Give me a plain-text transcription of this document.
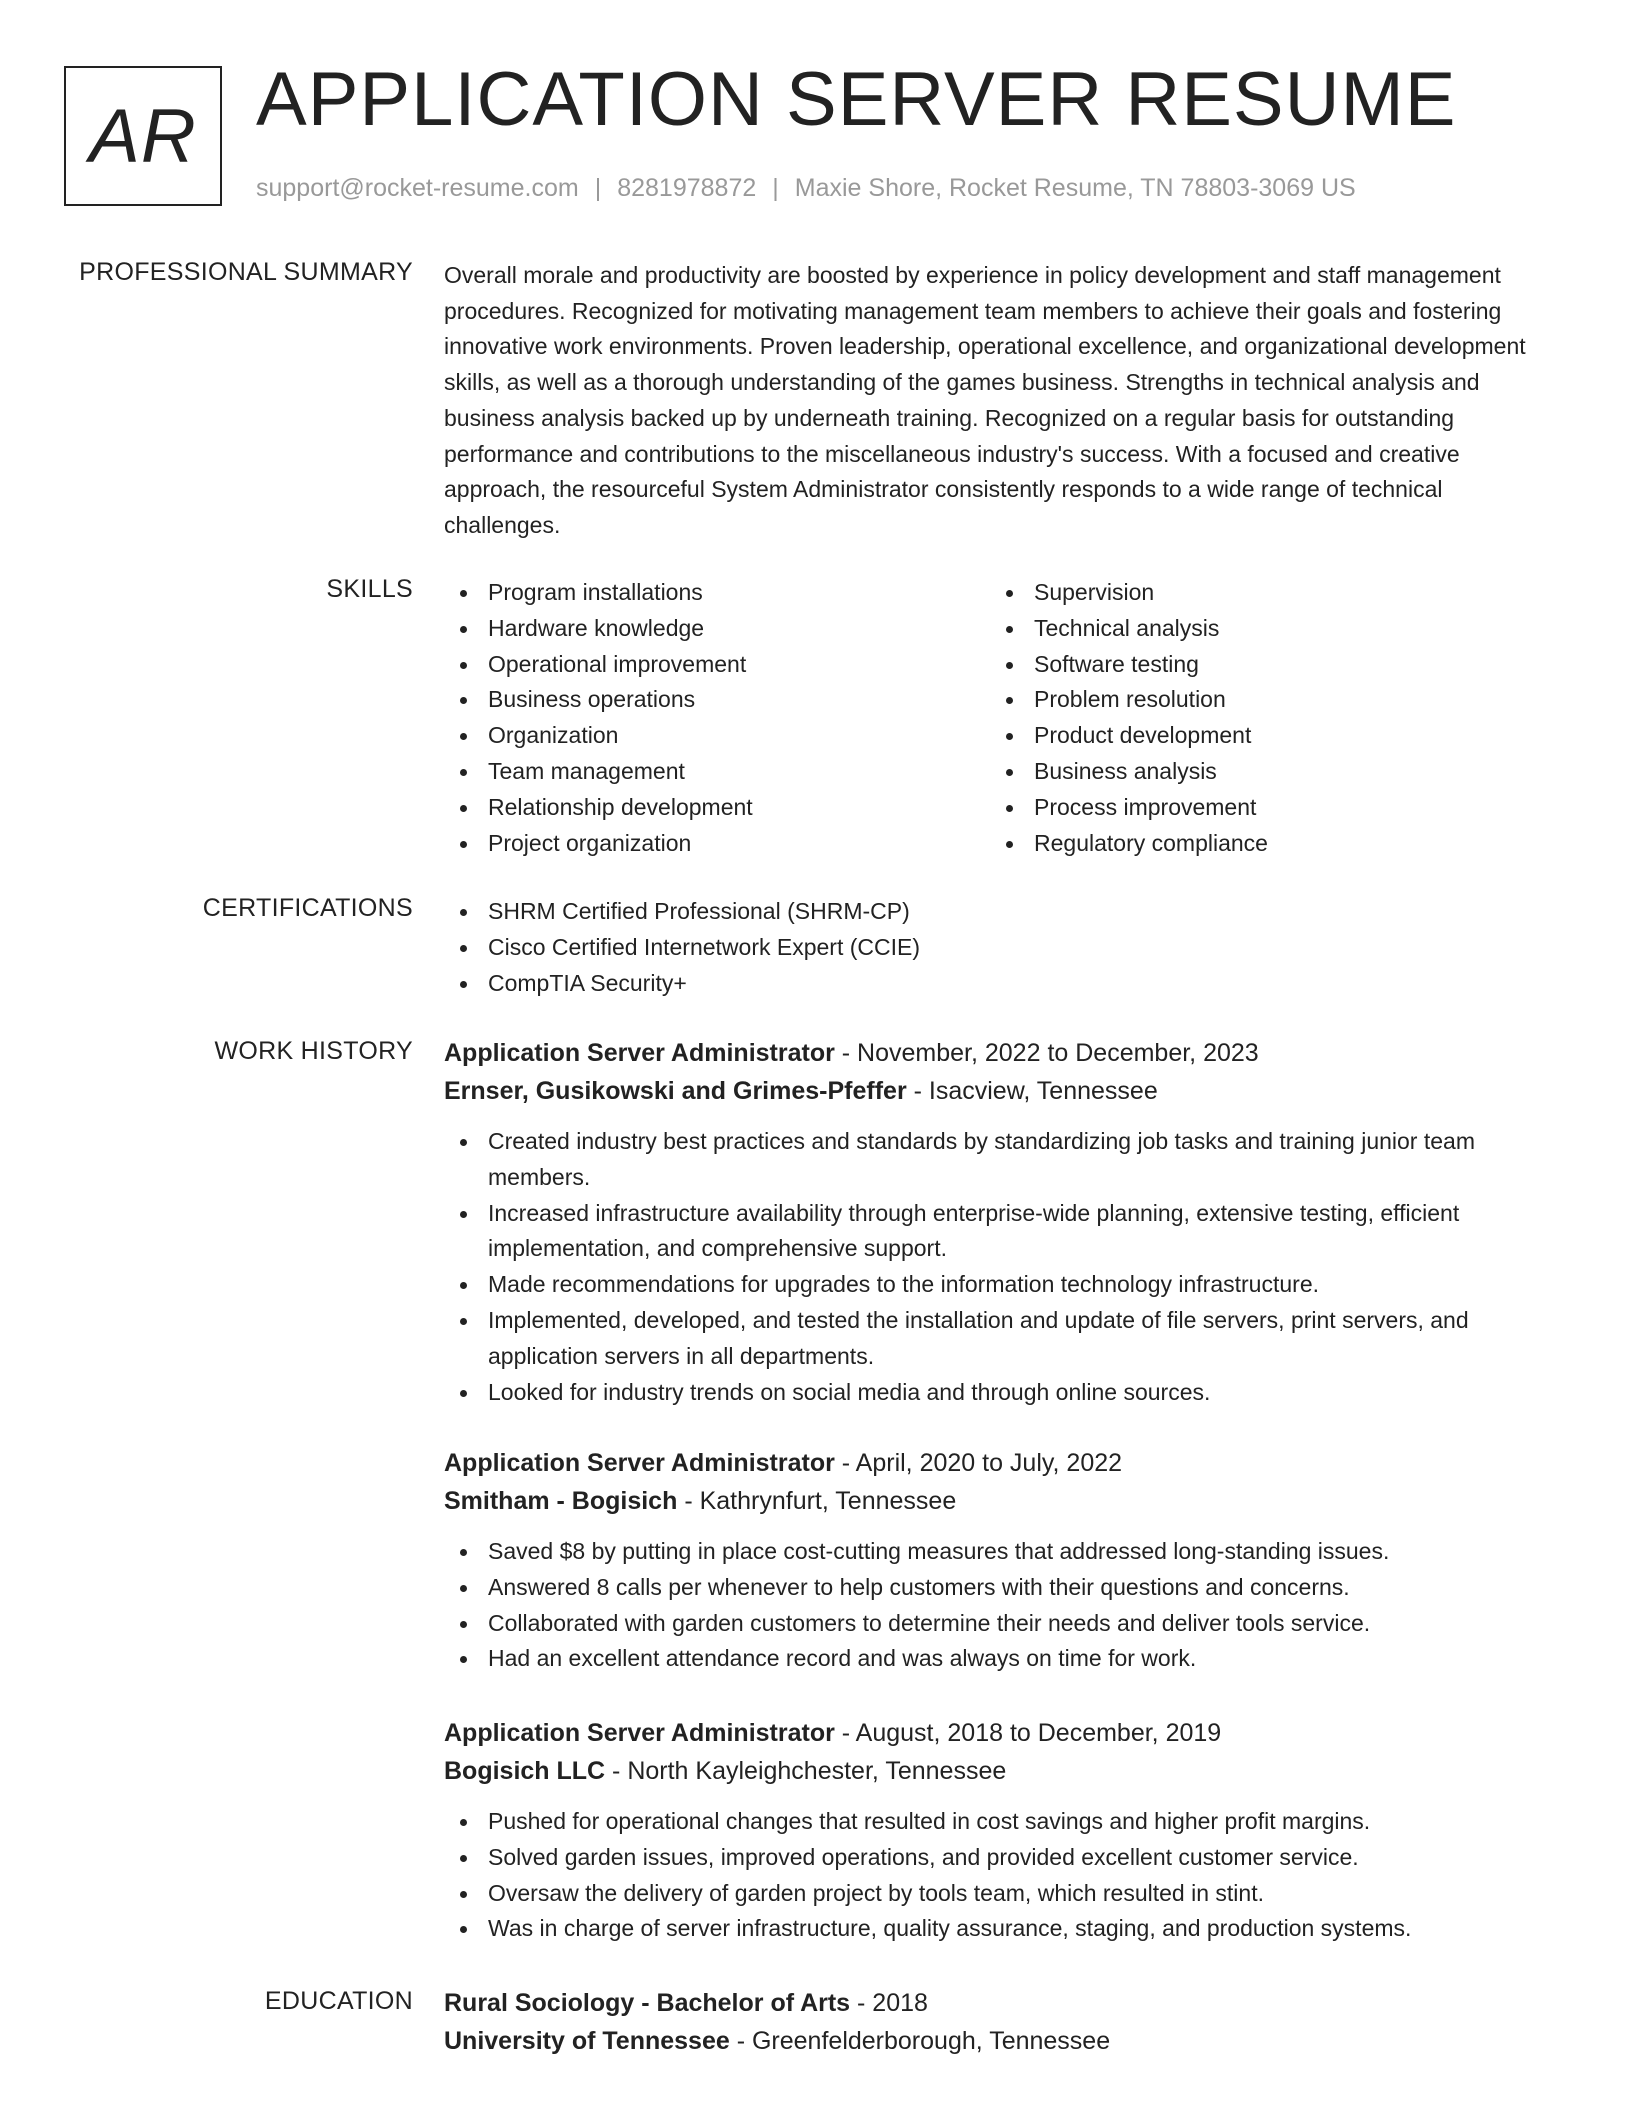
AR APPLICATION SERVER RESUME
support@rocket-resume.com | 8281978872 | Maxie Shore, Rocket Resume, TN 78803-3069 US
PROFESSIONAL SUMMARY Overall morale and productivity are boosted by experience in policy development and staff management procedures. Recognized for motivating management team members to achieve their goals and fostering innovative work environments. Proven leadership, operational excellence, and organizational development skills, as well as a thorough understanding of the games business. Strengths in technical analysis and business analysis backed up by underneath training. Recognized on a regular basis for outstanding performance and contributions to the miscellaneous industry's success. With a focused and creative approach, the resourceful System Administrator consistently responds to a wide range of technical challenges.

SKILLS	Program installations
Hardware knowledge
Operational improvement
Business operations
Organization
Team management
Relationship development
Project organization
Supervision
Technical analysis
Software testing
Problem resolution
Product development
Business analysis
Process improvement
Regulatory compliance
CERTIFICATIONS	SHRM Certified Professional (SHRM-CP)
Cisco Certified Internetwork Expert (CCIE)
CompTIA Security+
WORK HISTORY Application Server Administrator - November, 2022 to December, 2023
Ernser, Gusikowski and Grimes-Pfeffer - Isacview, Tennessee
Created industry best practices and standards by standardizing job tasks and training junior team members.
Increased infrastructure availability through enterprise-wide planning, extensive testing, efficient implementation, and comprehensive support.
Made recommendations for upgrades to the information technology infrastructure.
Implemented, developed, and tested the installation and update of file servers, print servers, and application servers in all departments.
Looked for industry trends on social media and through online sources.
Application Server Administrator - April, 2020 to July, 2022
Smitham - Bogisich - Kathrynfurt, Tennessee
Saved $8 by putting in place cost-cutting measures that addressed long-standing issues.
Answered 8 calls per whenever to help customers with their questions and concerns.
Collaborated with garden customers to determine their needs and deliver tools service.
Had an excellent attendance record and was always on time for work.
Application Server Administrator - August, 2018 to December, 2019
Bogisich LLC - North Kayleighchester, Tennessee
Pushed for operational changes that resulted in cost savings and higher profit margins.
Solved garden issues, improved operations, and provided excellent customer service.
Oversaw the delivery of garden project by tools team, which resulted in stint.
Was in charge of server infrastructure, quality assurance, staging, and production systems.
EDUCATION Rural Sociology - Bachelor of Arts - 2018
University of Tennessee - Greenfelderborough, Tennessee
